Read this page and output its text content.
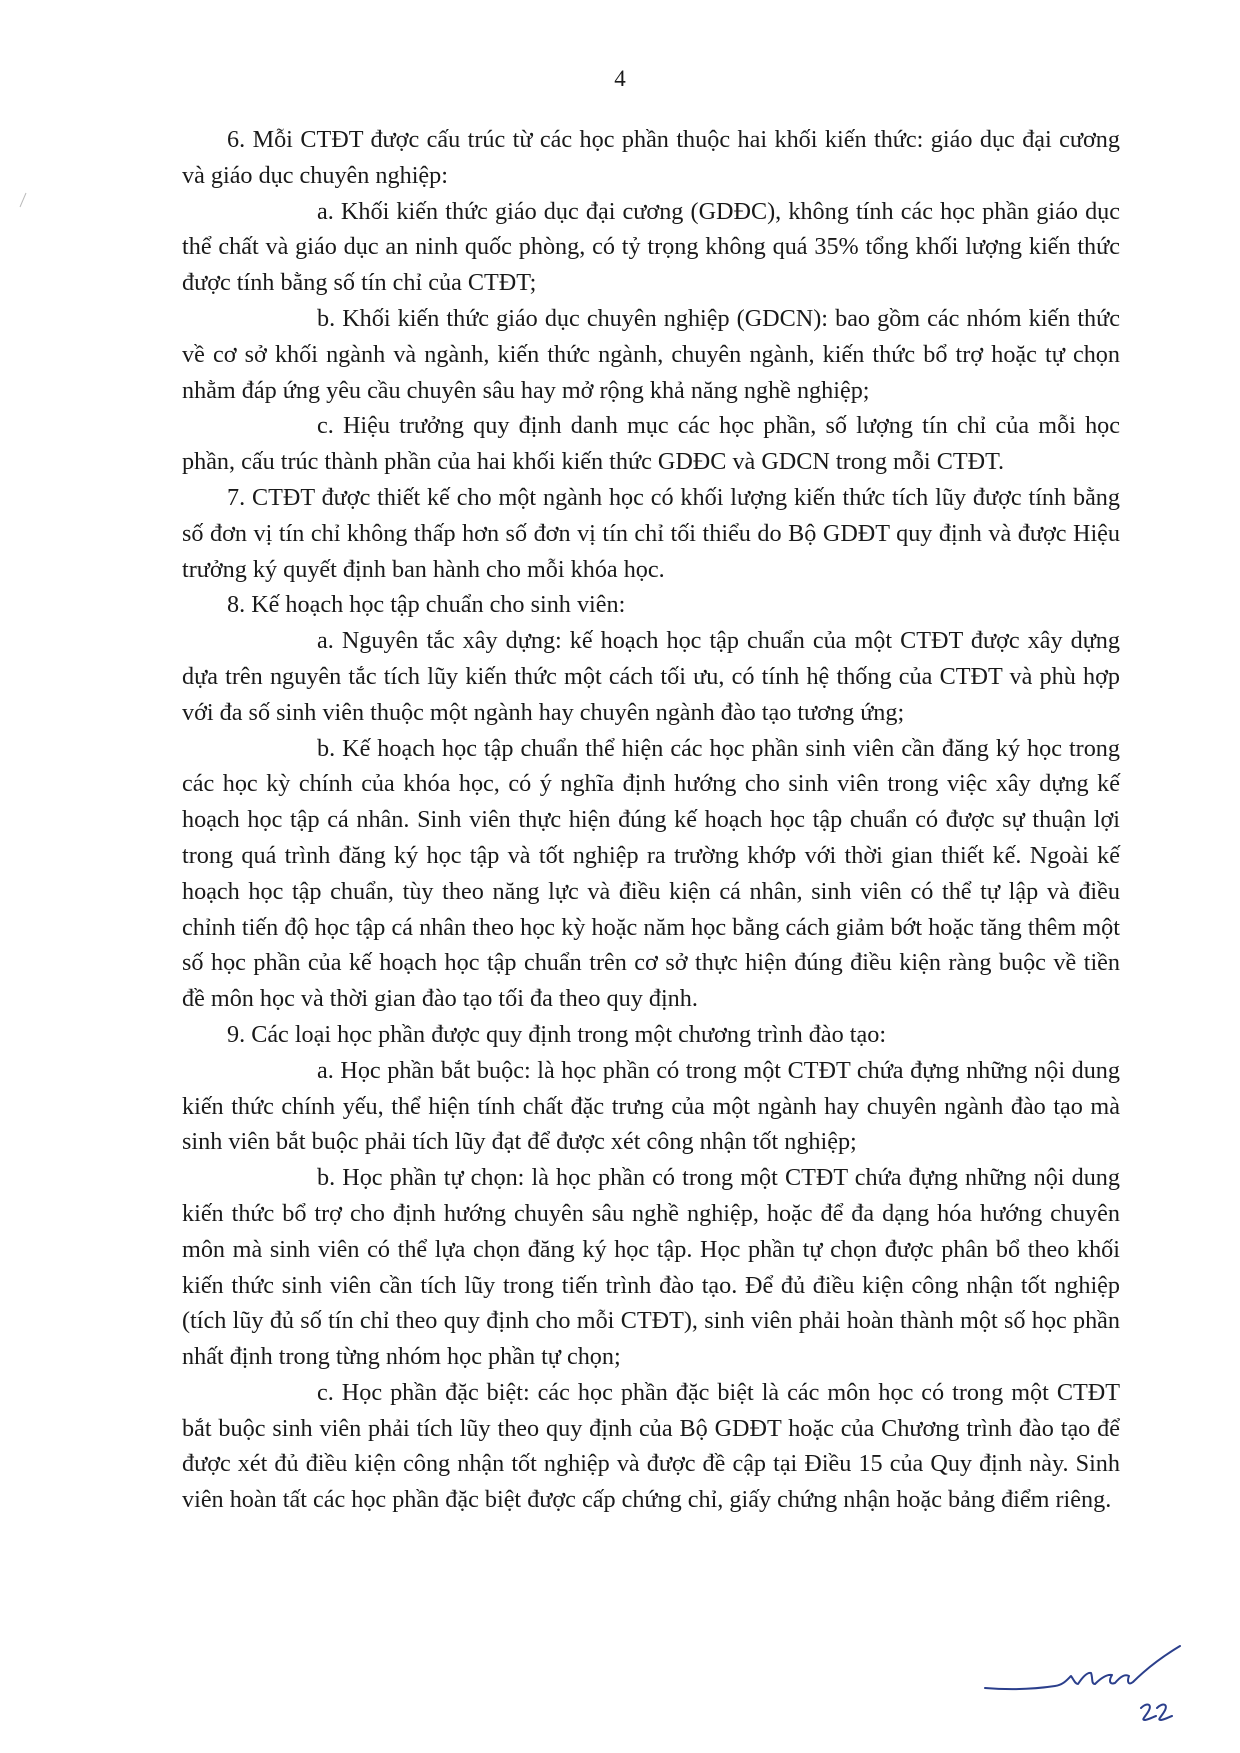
4

6. Mỗi CTĐT được cấu trúc từ các học phần thuộc hai khối kiến thức: giáo dục đại cương và giáo dục chuyên nghiệp:

a. Khối kiến thức giáo dục đại cương (GDĐC), không tính các học phần giáo dục thể chất và giáo dục an ninh quốc phòng, có tỷ trọng không quá 35% tổng khối lượng kiến thức được tính bằng số tín chỉ của CTĐT;

b. Khối kiến thức giáo dục chuyên nghiệp (GDCN): bao gồm các nhóm kiến thức về cơ sở khối ngành và ngành, kiến thức ngành, chuyên ngành, kiến thức bổ trợ hoặc tự chọn nhằm đáp ứng yêu cầu chuyên sâu hay mở rộng khả năng nghề nghiệp;

c. Hiệu trưởng quy định danh mục các học phần, số lượng tín chỉ của mỗi học phần, cấu trúc thành phần của hai khối kiến thức GDĐC và GDCN trong mỗi CTĐT.

7. CTĐT được thiết kế cho một ngành học có khối lượng kiến thức tích lũy được tính bằng số đơn vị tín chỉ không thấp hơn số đơn vị tín chỉ tối thiểu do Bộ GDĐT quy định và được Hiệu trưởng ký quyết định ban hành cho mỗi khóa học.

8. Kế hoạch học tập chuẩn cho sinh viên:

a. Nguyên tắc xây dựng: kế hoạch học tập chuẩn của một CTĐT được xây dựng dựa trên nguyên tắc tích lũy kiến thức một cách tối ưu, có tính hệ thống của CTĐT và phù hợp với đa số sinh viên thuộc một ngành hay chuyên ngành đào tạo tương ứng;

b. Kế hoạch học tập chuẩn thể hiện các học phần sinh viên cần đăng ký học trong các học kỳ chính của khóa học, có ý nghĩa định hướng cho sinh viên trong việc xây dựng kế hoạch học tập cá nhân. Sinh viên thực hiện đúng kế hoạch học tập chuẩn có được sự thuận lợi trong quá trình đăng ký học tập và tốt nghiệp ra trường khớp với thời gian thiết kế. Ngoài kế hoạch học tập chuẩn, tùy theo năng lực và điều kiện cá nhân, sinh viên có thể tự lập và điều chỉnh tiến độ học tập cá nhân theo học kỳ hoặc năm học bằng cách giảm bớt hoặc tăng thêm một số học phần của kế hoạch học tập chuẩn trên cơ sở thực hiện đúng điều kiện ràng buộc về tiền đề môn học và thời gian đào tạo tối đa theo quy định.

9. Các loại học phần được quy định trong một chương trình đào tạo:

a. Học phần bắt buộc: là học phần có trong một CTĐT chứa đựng những nội dung kiến thức chính yếu, thể hiện tính chất đặc trưng của một ngành hay chuyên ngành đào tạo mà sinh viên bắt buộc phải tích lũy đạt để được xét công nhận tốt nghiệp;

b. Học phần tự chọn: là học phần có trong một CTĐT chứa đựng những nội dung kiến thức bổ trợ cho định hướng chuyên sâu nghề nghiệp, hoặc để đa dạng hóa hướng chuyên môn mà sinh viên có thể lựa chọn đăng ký học tập. Học phần tự chọn được phân bổ theo khối kiến thức sinh viên cần tích lũy trong tiến trình đào tạo. Để đủ điều kiện công nhận tốt nghiệp (tích lũy đủ số tín chỉ theo quy định cho mỗi CTĐT), sinh viên phải hoàn thành một số học phần nhất định trong từng nhóm học phần tự chọn;

c. Học phần đặc biệt: các học phần đặc biệt là các môn học có trong một CTĐT bắt buộc sinh viên phải tích lũy theo quy định của Bộ GDĐT hoặc của Chương trình đào tạo để được xét đủ điều kiện công nhận tốt nghiệp và được đề cập tại Điều 15 của Quy định này. Sinh viên hoàn tất các học phần đặc biệt được cấp chứng chỉ, giấy chứng nhận hoặc bảng điểm riêng.
